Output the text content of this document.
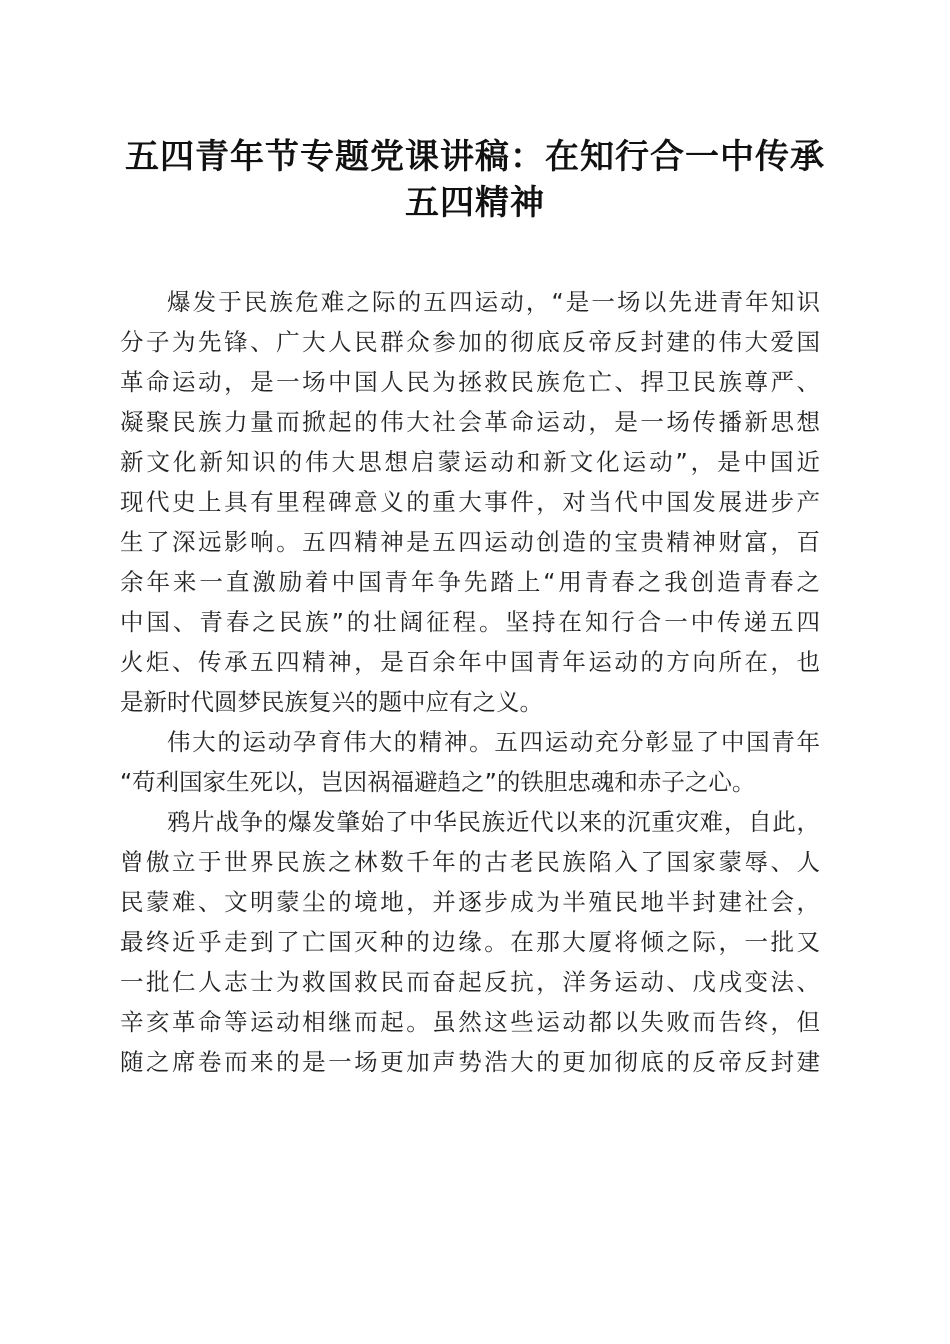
五四青年节专题党课讲稿：在知行合一中传承
五四精神
爆发于民族危难之际的五四运动，“是一场以先进青年知识
分子为先锋、广大人民群众参加的彻底反帝反封建的伟大爱国
革命运动，是一场中国人民为拯救民族危亡、捍卫民族尊严、
凝聚民族力量而掀起的伟大社会革命运动，是一场传播新思想
新文化新知识的伟大思想启蒙运动和新文化运动”，是中国近
现代史上具有里程碑意义的重大事件，对当代中国发展进步产
生了深远影响。五四精神是五四运动创造的宝贵精神财富，百
余年来一直激励着中国青年争先踏上“用青春之我创造青春之
中国、青春之民族”的壮阔征程。坚持在知行合一中传递五四
火炬、传承五四精神，是百余年中国青年运动的方向所在，也
是新时代圆梦民族复兴的题中应有之义。
伟大的运动孕育伟大的精神。五四运动充分彰显了中国青年
“苟利国家生死以，岂因祸福避趋之”的铁胆忠魂和赤子之心。
鸦片战争的爆发肇始了中华民族近代以来的沉重灾难，自此，
曾傲立于世界民族之林数千年的古老民族陷入了国家蒙辱、人
民蒙难、文明蒙尘的境地，并逐步成为半殖民地半封建社会，
最终近乎走到了亡国灭种的边缘。在那大厦将倾之际，一批又
一批仁人志士为救国救民而奋起反抗，洋务运动、戊戌变法、
辛亥革命等运动相继而起。虽然这些运动都以失败而告终，但
随之席卷而来的是一场更加声势浩大的更加彻底的反帝反封建
